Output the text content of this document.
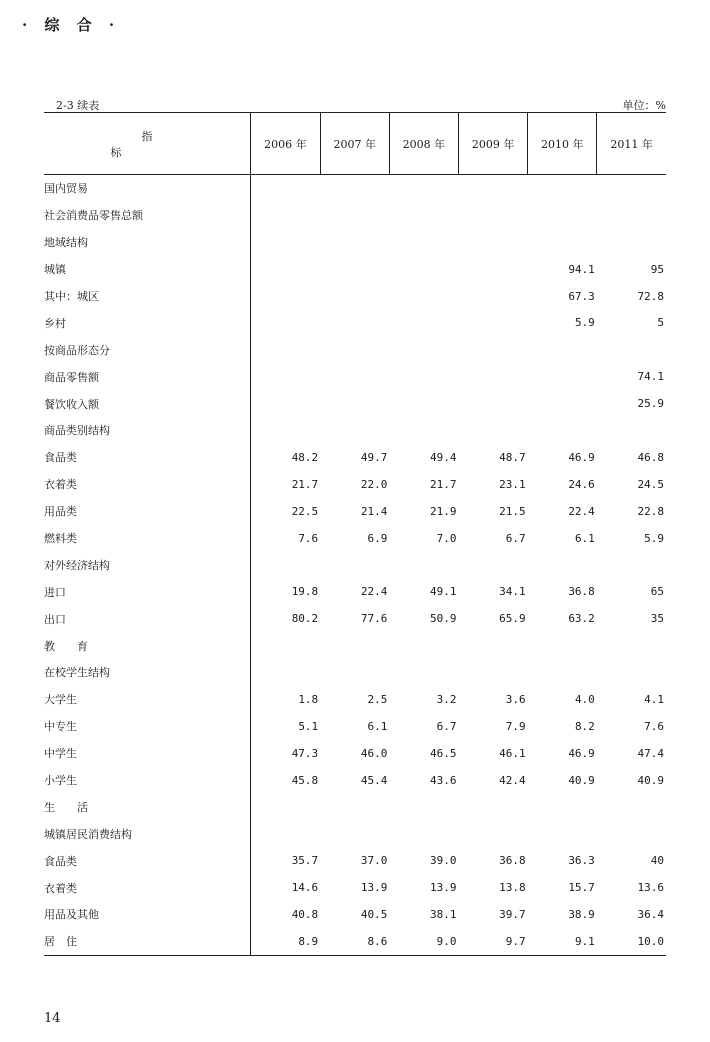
· 综 合 ·
2-3 续表	单位：%
指标	2006 年	2007 年	2008 年	2009 年	2010 年	2011 年
国内贸易						
社会消费品零售总额						
地域结构						
城镇					94.1	95
其中：城区					67.3	72.8
乡村					5.9	5
按商品形态分						
商品零售额						74.1
餐饮收入额						25.9
商品类别结构						
食品类	48.2	49.7	49.4	48.7	46.9	46.8
衣着类	21.7	22.0	21.7	23.1	24.6	24.5
用品类	22.5	21.4	21.9	21.5	22.4	22.8
燃料类	7.6	6.9	7.0	6.7	6.1	5.9
对外经济结构						
进口	19.8	22.4	49.1	34.1	36.8	65
出口	80.2	77.6	50.9	65.9	63.2	35
教　　育						
在校学生结构						
大学生	1.8	2.5	3.2	3.6	4.0	4.1
中专生	5.1	6.1	6.7	7.9	8.2	7.6
中学生	47.3	46.0	46.5	46.1	46.9	47.4
小学生	45.8	45.4	43.6	42.4	40.9	40.9
生　　活						
城镇居民消费结构						
食品类	35.7	37.0	39.0	36.8	36.3	40
衣着类	14.6	13.9	13.9	13.8	15.7	13.6
用品及其他	40.8	40.5	38.1	39.7	38.9	36.4
居　住	8.9	8.6	9.0	9.7	9.1	10.0
14
